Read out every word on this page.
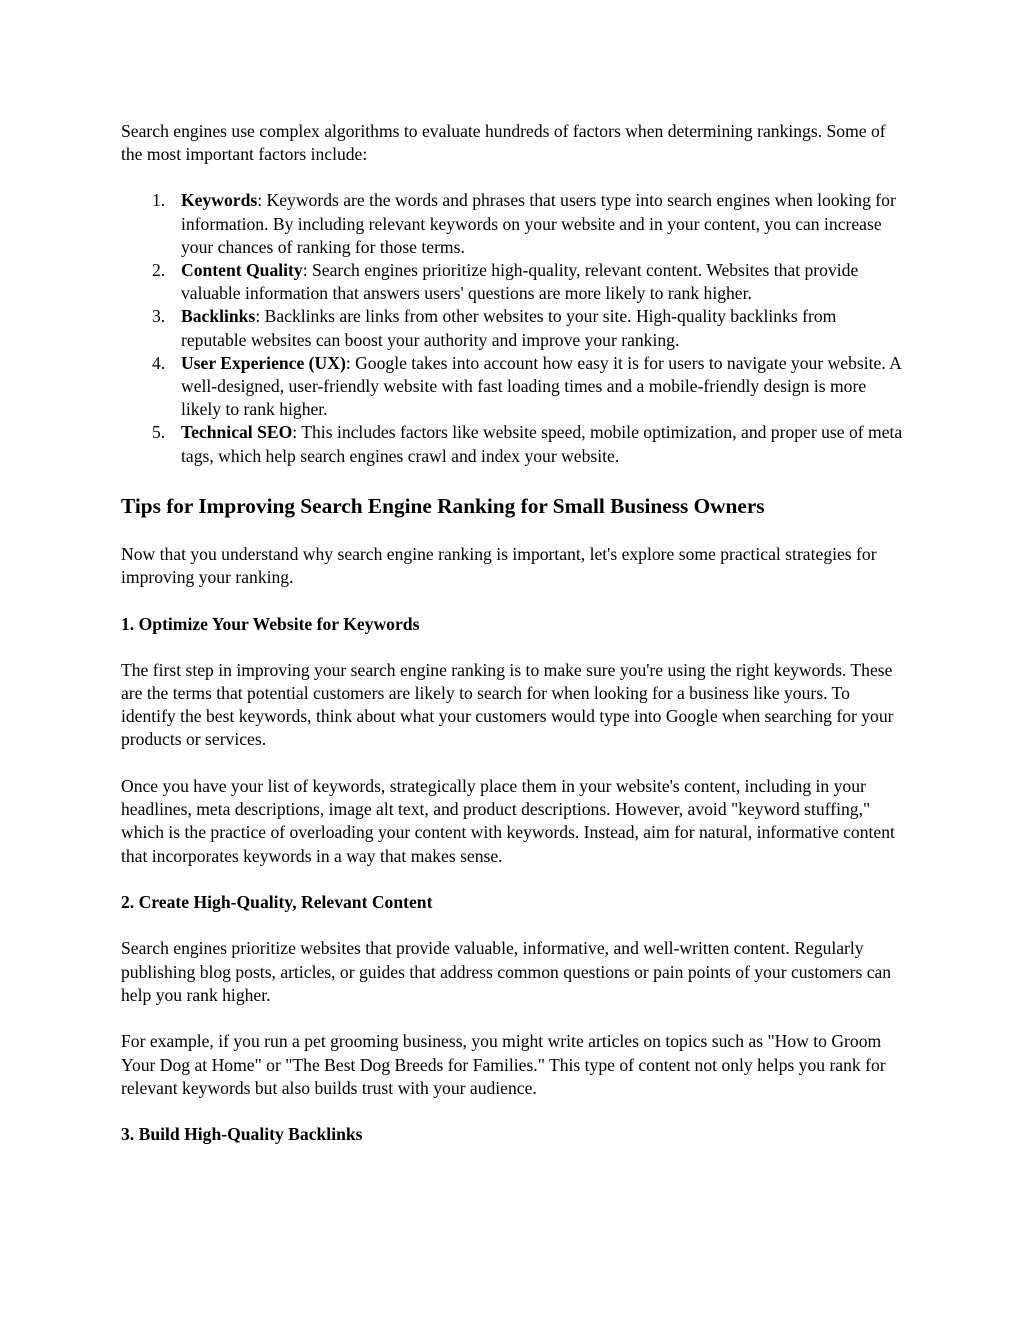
Search engines use complex algorithms to evaluate hundreds of factors when determining rankings. Some of the most important factors include:

Keywords: Keywords are the words and phrases that users type into search engines when looking for information. By including relevant keywords on your website and in your content, you can increase your chances of ranking for those terms.
Content Quality: Search engines prioritize high-quality, relevant content. Websites that provide valuable information that answers users' questions are more likely to rank higher.
Backlinks: Backlinks are links from other websites to your site. High-quality backlinks from reputable websites can boost your authority and improve your ranking.
User Experience (UX): Google takes into account how easy it is for users to navigate your website. A well-designed, user-friendly website with fast loading times and a mobile-friendly design is more likely to rank higher.
Technical SEO: This includes factors like website speed, mobile optimization, and proper use of meta tags, which help search engines crawl and index your website.
Tips for Improving Search Engine Ranking for Small Business Owners

Now that you understand why search engine ranking is important, let's explore some practical strategies for improving your ranking.

1. Optimize Your Website for Keywords

The first step in improving your search engine ranking is to make sure you're using the right keywords. These are the terms that potential customers are likely to search for when looking for a business like yours. To identify the best keywords, think about what your customers would type into Google when searching for your products or services.

Once you have your list of keywords, strategically place them in your website's content, including in your headlines, meta descriptions, image alt text, and product descriptions. However, avoid "keyword stuffing," which is the practice of overloading your content with keywords. Instead, aim for natural, informative content that incorporates keywords in a way that makes sense.

2. Create High-Quality, Relevant Content

Search engines prioritize websites that provide valuable, informative, and well-written content. Regularly publishing blog posts, articles, or guides that address common questions or pain points of your customers can help you rank higher.

For example, if you run a pet grooming business, you might write articles on topics such as "How to Groom Your Dog at Home" or "The Best Dog Breeds for Families." This type of content not only helps you rank for relevant keywords but also builds trust with your audience.

3. Build High-Quality Backlinks
